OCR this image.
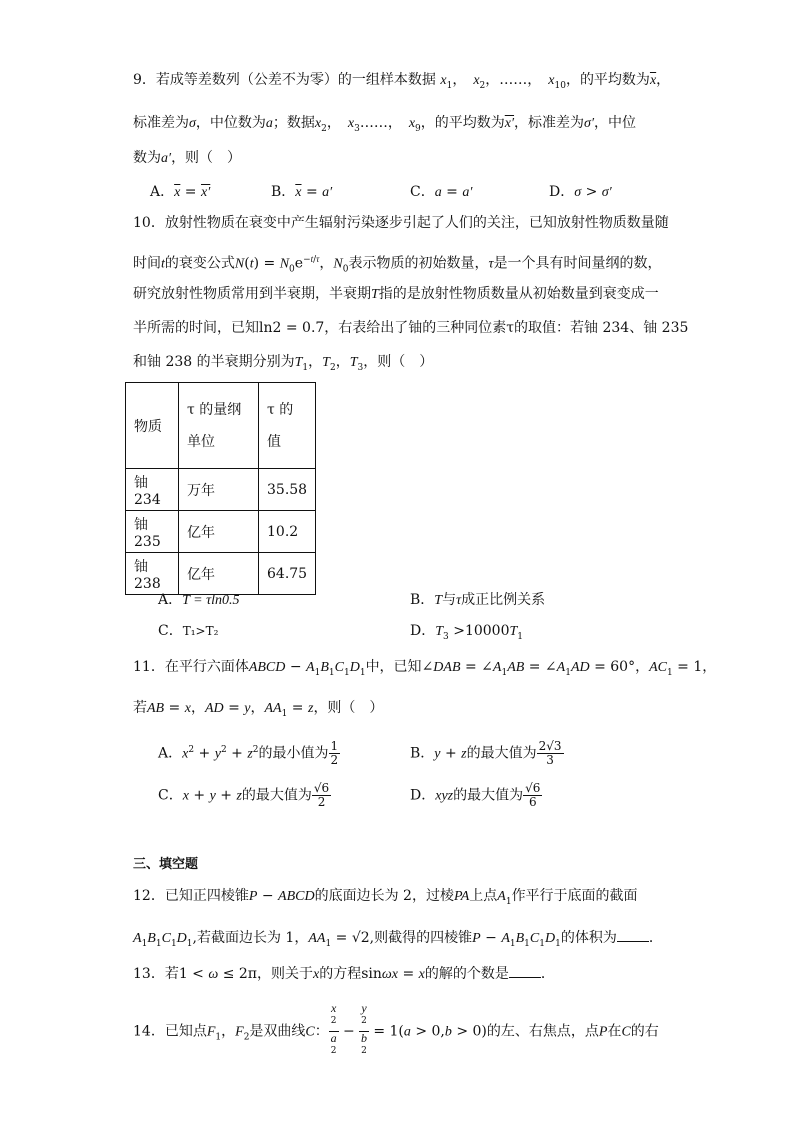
9．若成等差数列（公差不为零）的一组样本数据 $x_1$，　$x_2$，……，　$x_{10}$，的平均数为$\overline{x}$，
标准差为σ，中位数为a；数据$x_2$，　$x_3\dots\dots$，　$x_9$，的平均数为x′，标准差为σ′，中位
数为a′，则（　）
A．$\overline{x} = x'$	B．$\overline{x} = a'$	C．a = a′	D．σ > σ′
10．放射性物质在衰变中产生辐射污染逐步引起了人们的关注，已知放射性物质数量随
时间t的衰变公式$N(t) = N_0e^{-t/\tau}$，$N_0$表示物质的初始数量，τ是一个具有时间量纲的数，
研究放射性物质常用到半衰期，半衰期T指的是放射性物质数量从初始数量到衰变成一
半所需的时间，已知ln2 = 0.7，右表给出了铀的三种同位素τ的取值：若铀 234、铀 235
和铀 238 的半衰期分别为$T_1$，$T_2$，$T_3$，则（　）
物质	τ 的量纲单位	τ 的值
铀234	万年	35.58
铀235	亿年	10.2
铀238	亿年	64.75
A．T = τln0.5	B．T与τ成正比例关系
C．T₁>T₂	D．$T_3 >10000T_1$
11．在平行六面体ABCD − $A_1B_1C_1D_1$中，已知∠DAB = $\angle A_1AB$ = $\angle A_1AD = 60^\circ$，$AC_1 = 1$，
若AB = x，AD = y，$AA_1 = z$，则（　）
A．$x^2 + y^2 + z^2$的最小值为 $\frac{1}{2}$	B．y + z的最大值为 $\frac{2√3}{3}$
C．x + y + z的最大值为 $\frac{√6}{2}$	D．xyz的最大值为 $\frac{√6}{6}$
三、填空题
12．已知正四棱锥P − ABCD的底面边长为 2，过棱PA上点$A_1$作平行于底面的截面
$A_1B_1C_1D_1$,若截面边长为 1，$AA_1 = √2$,则截得的四棱锥$P - A_1B_1C_1D_1$的体积为 ．
13．若1 < ω ≤ 2π，则关于x的方程sinωx = x的解的个数是 ．
14．已知点$F_1$，$F_2$是双曲线C： x
$^2$
a
$^2$ − y
$^2$
b
$^2$ = 1(a > 0,b > 0)的左、右焦点，点P在C的右
